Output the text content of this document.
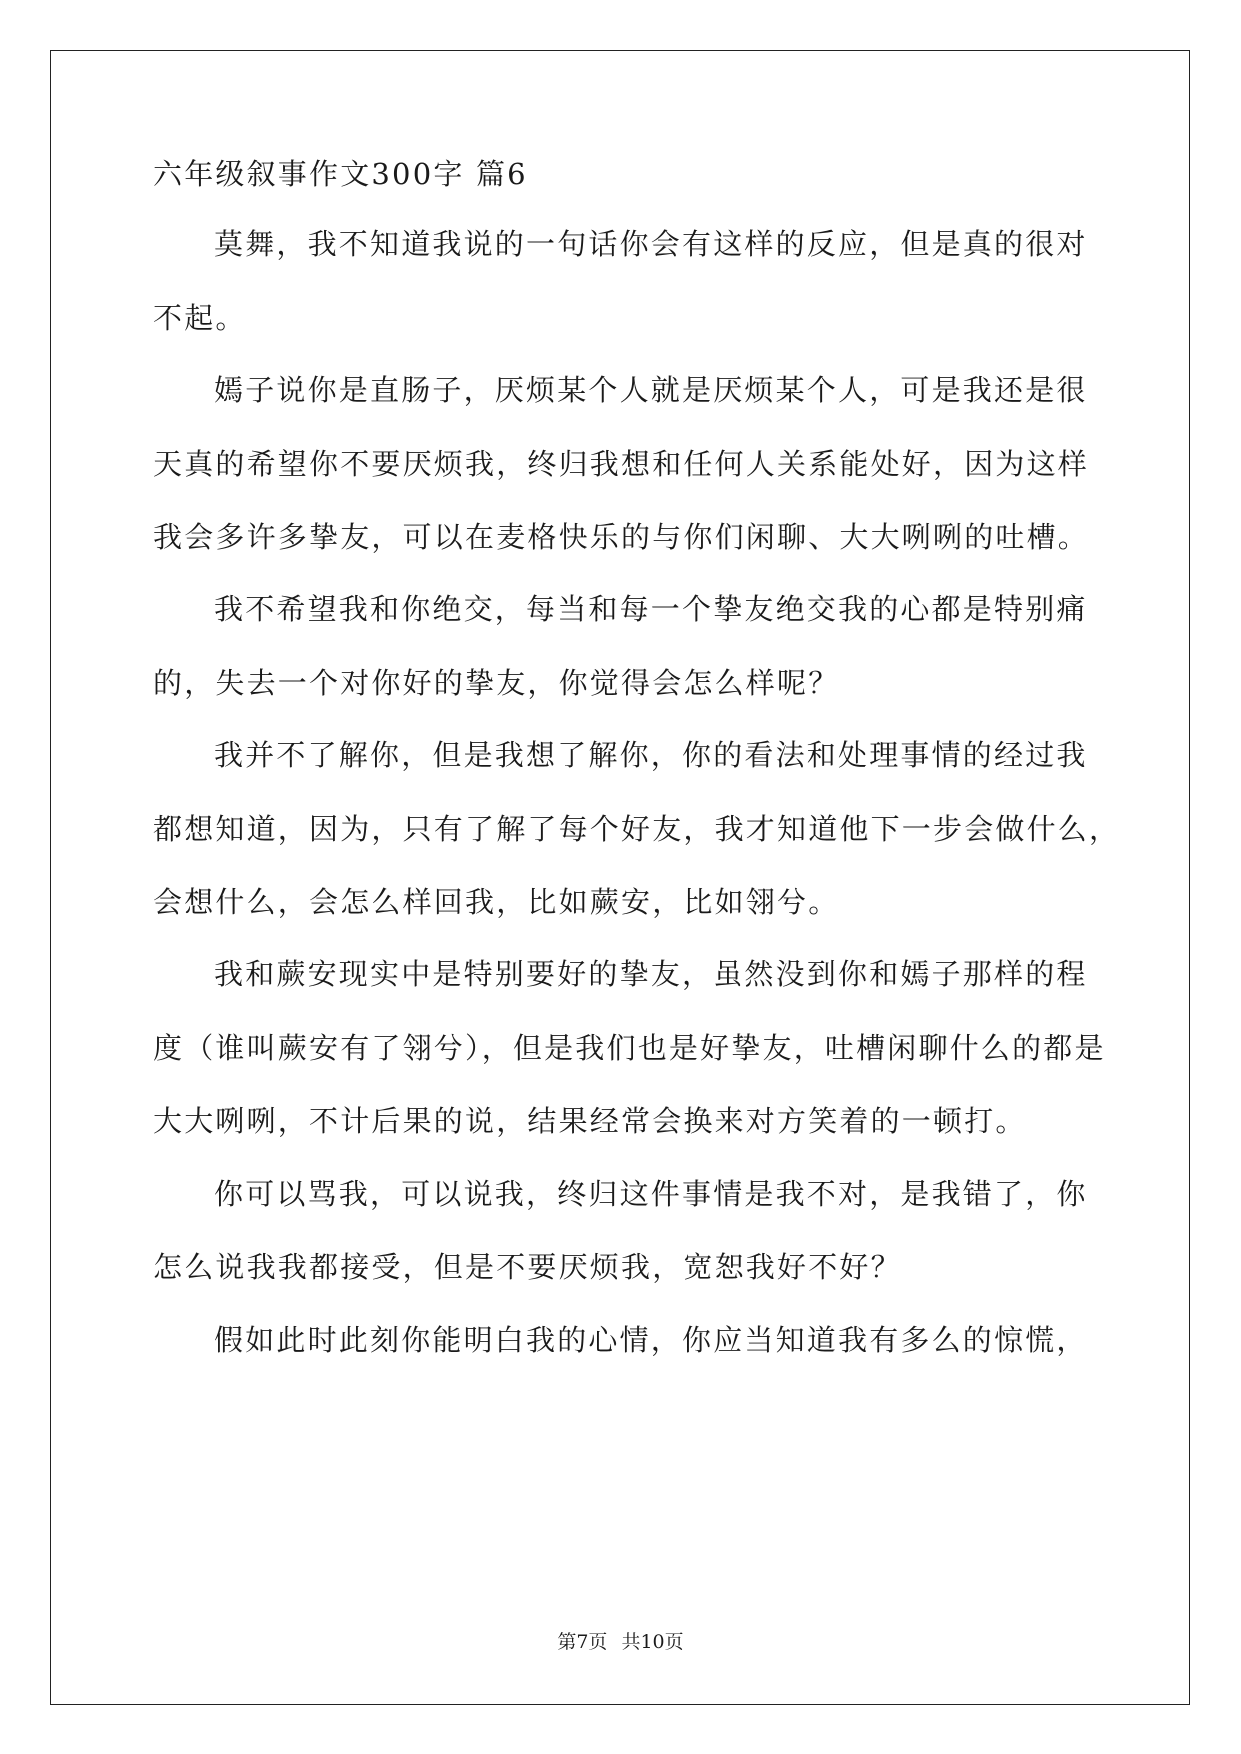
六年级叙事作文300字 篇6
莫舞，我不知道我说的一句话你会有这样的反应，但是真的很对
不起。
嫣子说你是直肠子，厌烦某个人就是厌烦某个人，可是我还是很
天真的希望你不要厌烦我，终归我想和任何人关系能处好，因为这样
我会多许多挚友，可以在麦格快乐的与你们闲聊、大大咧咧的吐槽。
我不希望我和你绝交，每当和每一个挚友绝交我的心都是特别痛
的，失去一个对你好的挚友，你觉得会怎么样呢？
我并不了解你，但是我想了解你，你的看法和处理事情的经过我
都想知道，因为，只有了解了每个好友，我才知道他下一步会做什么，
会想什么，会怎么样回我，比如蕨安，比如翎兮。
我和蕨安现实中是特别要好的挚友，虽然没到你和嫣子那样的程
度（谁叫蕨安有了翎兮），但是我们也是好挚友，吐槽闲聊什么的都是
大大咧咧，不计后果的说，结果经常会换来对方笑着的一顿打。
你可以骂我，可以说我，终归这件事情是我不对，是我错了，你
怎么说我我都接受，但是不要厌烦我，宽恕我好不好？
假如此时此刻你能明白我的心情，你应当知道我有多么的惊慌，
第7页 共10页
